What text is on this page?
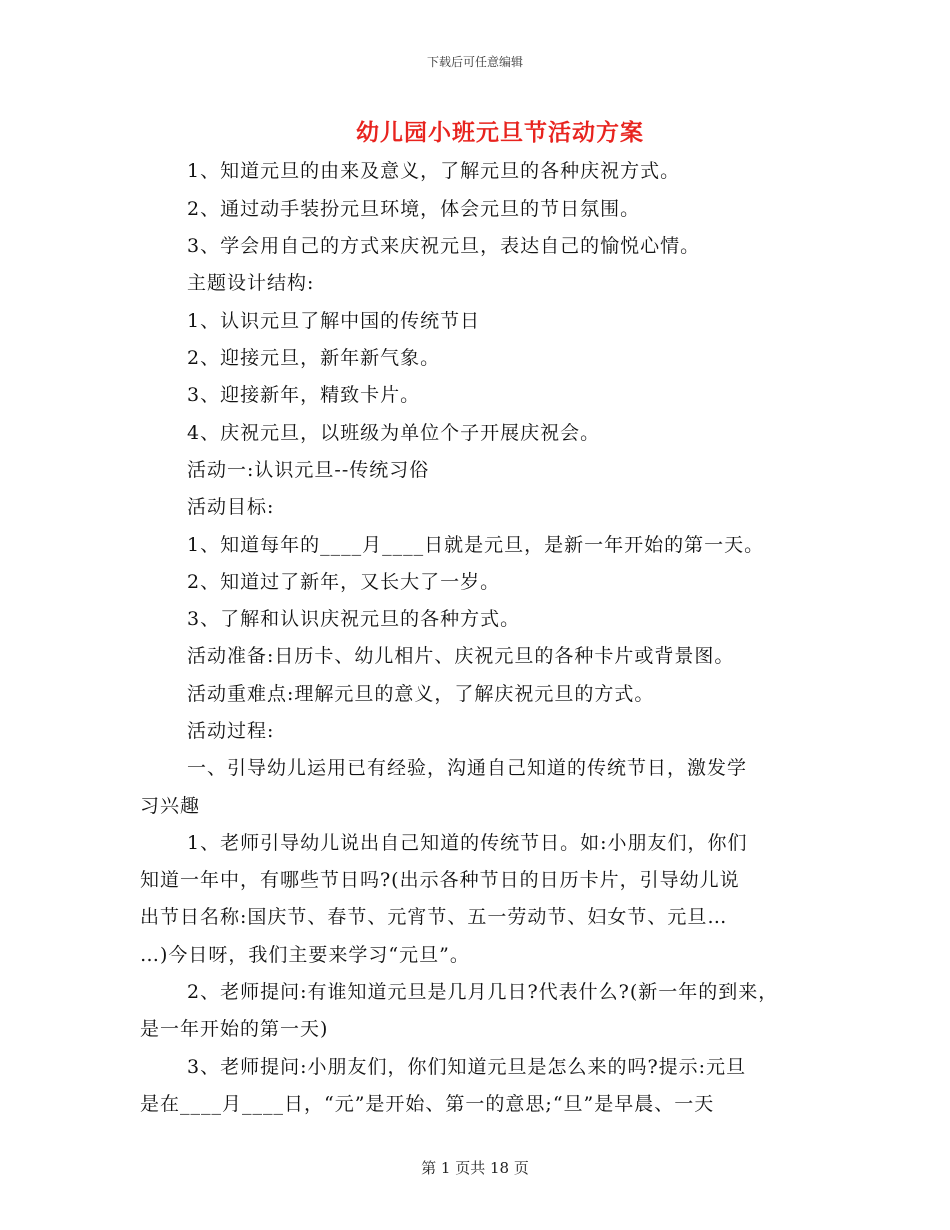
下载后可任意编辑
幼儿园小班元旦节活动方案
1、知道元旦的由来及意义，了解元旦的各种庆祝方式。
2、通过动手装扮元旦环境，体会元旦的节日氛围。
3、学会用自己的方式来庆祝元旦，表达自己的愉悦心情。
主题设计结构:
1、认识元旦了解中国的传统节日
2、迎接元旦，新年新气象。
3、迎接新年，精致卡片。
4、庆祝元旦，以班级为单位个子开展庆祝会。
活动一:认识元旦--传统习俗
活动目标:
1、知道每年的____月____日就是元旦，是新一年开始的第一天。
2、知道过了新年，又长大了一岁。
3、了解和认识庆祝元旦的各种方式。
活动准备:日历卡、幼儿相片、庆祝元旦的各种卡片或背景图。
活动重难点:理解元旦的意义，了解庆祝元旦的方式。
活动过程:
一、引导幼儿运用已有经验，沟通自己知道的传统节日，激发学
习兴趣
1、老师引导幼儿说出自己知道的传统节日。如:小朋友们，你们
知道一年中，有哪些节日吗?(出示各种节日的日历卡片，引导幼儿说
出节日名称:国庆节、春节、元宵节、五一劳动节、妇女节、元旦…
…)今日呀，我们主要来学习“元旦”。
2、老师提问:有谁知道元旦是几月几日?代表什么?(新一年的到来，
是一年开始的第一天)
3、老师提问:小朋友们，你们知道元旦是怎么来的吗?提示:元旦
是在____月____日，“元”是开始、第一的意思;“旦”是早晨、一天
第 1 页共 18 页
